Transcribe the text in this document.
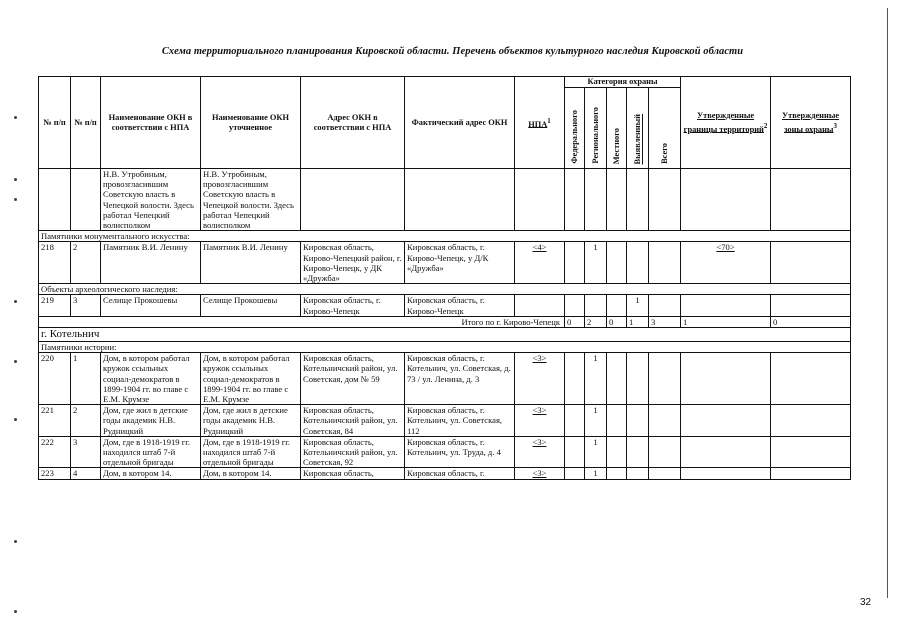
Схема территориального планирования Кировской области. Перечень объектов культурного наследия Кировской области
№ п/п	№ п/п	Наименование ОКН в соответствии с НПА	Наименование ОКН уточненное	Адрес ОКН в соответствии с НПА	Фактический адрес ОКН	НПА$^1$	Категория охраны					Утвержденные границы территорий$^2$	Утвержденные зоны охраны$^3$

							Федерального	Регионального	Местного	Выявленный	Всего		

		Н.В. Утробиным, провозгласившим Советскую власть в Чепецкой волости. Здесь работал Чепецкий волисполком	Н.В. Утробиным, провозгласившим Советскую власть в Чепецкой волости. Здесь работал Чепецкий волисполком										
Памятники монументального искусства:													
218	2	Памятник В.И. Ленину	Памятник В.И. Ленину	Кировская область, Кирово-Чепецкий район, г. Кирово-Чепецк, у ДК «Дружба»	Кировская область, г. Кирово-Чепецк, у Д/К «Дружба»	<4>		1				<70>	
Объекты археологического наследия:													
219	3	Селище Прокошевы	Селище Прокошевы	Кировская область, г. Кирово-Чепецк	Кировская область, г. Кирово-Чепецк					1			
Итого по г. Кирово-Чепецк							0	2	0	1	3	1	0
г. Котельнич													
Памятники истории:													
220	1	Дом, в котором работал кружок ссыльных социал-демократов в 1899-1904 гг. во главе с Е.М. Крумзе	Дом, в котором работал кружок ссыльных социал-демократов в 1899-1904 гг. во главе с Е.М. Крумзе	Кировская область, Котельничский район, ул. Советская, дом № 59	Кировская область, г. Котельнич, ул. Советская, д. 73 / ул. Ленина, д. 3	<3>		1					
221	2	Дом, где жил в детские годы академик Н.В. Рудницкий	Дом, где жил в детские годы академик Н.В. Рудницкий	Кировская область, Котельничский район, ул. Советская, 84	Кировская область, г. Котельнич, ул. Советская, 112	<3>		1					
222	3	Дом, где в 1918-1919 гг. находился штаб 7-й отдельной бригады	Дом, где в 1918-1919 гг. находился штаб 7-й отдельной бригады	Кировская область, Котельничский район, ул. Советская, 92	Кировская область, г. Котельнич, ул. Труда, д. 4	<3>		1					
223	4	Дом, в котором 14.	Дом, в котором 14.	Кировская область,	Кировская область, г.	<3>		1					
32
